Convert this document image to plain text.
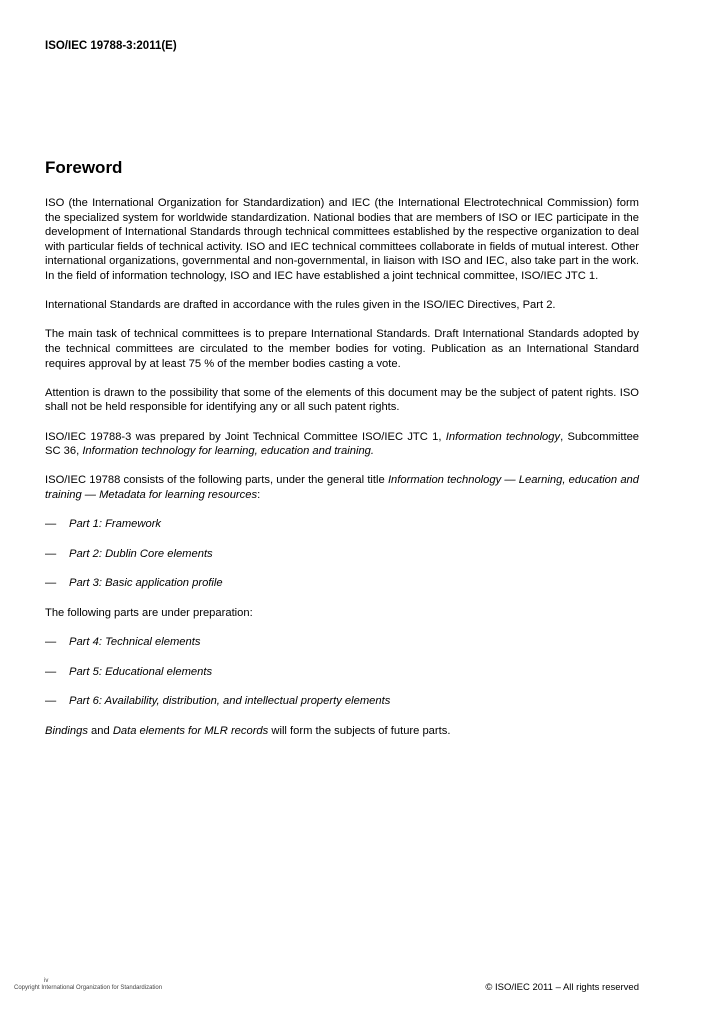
ISO/IEC 19788-3:2011(E)
Foreword

ISO (the International Organization for Standardization) and IEC (the International Electrotechnical Commission) form the specialized system for worldwide standardization. National bodies that are members of ISO or IEC participate in the development of International Standards through technical committees established by the respective organization to deal with particular fields of technical activity. ISO and IEC technical committees collaborate in fields of mutual interest. Other international organizations, governmental and non-governmental, in liaison with ISO and IEC, also take part in the work. In the field of information technology, ISO and IEC have established a joint technical committee, ISO/IEC JTC 1.

International Standards are drafted in accordance with the rules given in the ISO/IEC Directives, Part 2.

The main task of technical committees is to prepare International Standards. Draft International Standards adopted by the technical committees are circulated to the member bodies for voting. Publication as an International Standard requires approval by at least 75 % of the member bodies casting a vote.

Attention is drawn to the possibility that some of the elements of this document may be the subject of patent rights. ISO shall not be held responsible for identifying any or all such patent rights.

ISO/IEC 19788-3 was prepared by Joint Technical Committee ISO/IEC JTC 1, Information technology, Subcommittee SC 36, Information technology for learning, education and training.

ISO/IEC 19788 consists of the following parts, under the general title Information technology — Learning, education and training — Metadata for learning resources:

—	Part 1: Framework
—	Part 2: Dublin Core elements
—	Part 3: Basic application profile

The following parts are under preparation:

—	Part 4: Technical elements
—	Part 5: Educational elements
—	Part 6: Availability, distribution, and intellectual property elements

Bindings and Data elements for MLR records will form the subjects of future parts.

iv
Copyright International Organization for Standardization	© ISO/IEC 2011 – All rights reserved
